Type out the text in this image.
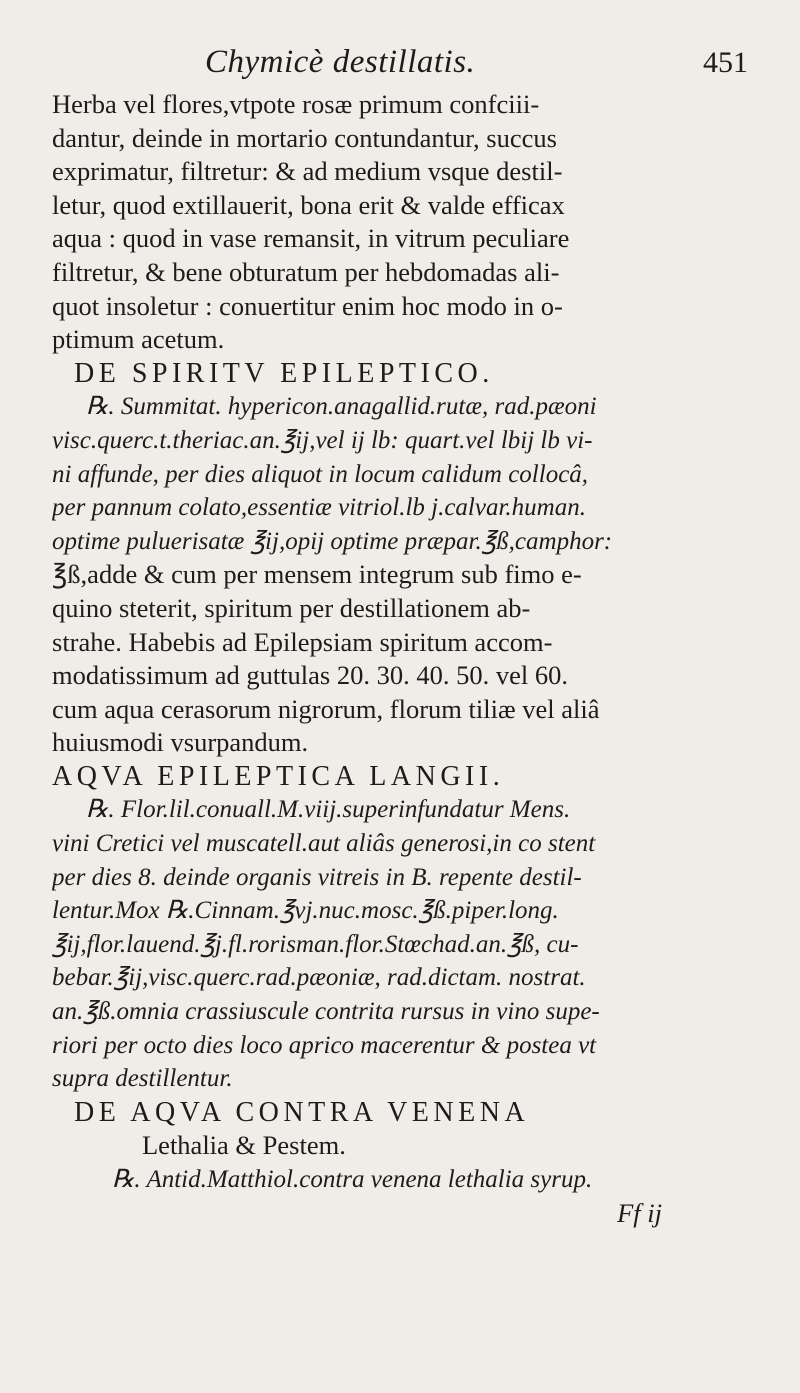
Chymicè destillatis.	451
Herba vel flores,vtpote rosæ primum confciii-
dantur, deinde in mortario contundantur, succus
exprimatur, filtretur: & ad medium vsque destil-
letur, quod extillauerit, bona erit & valde efficax
aqua : quod in vase remansit, in vitrum peculiare
filtretur, & bene obturatum per hebdomadas ali-
quot insoletur : conuertitur enim hoc modo in o-
ptimum acetum.
DE SPIRITV EPILEPTICO.
℞. Summitat. hypericon.anagallid.rutæ, rad.pæoni
visc.querc.t.theriac.an.℥ij,vel ij lb: quart.vel lbij lb vi-
ni affunde, per dies aliquot in locum calidum collocâ,
per pannum colato,essentiæ vitriol.lb j.calvar.human.
optime puluerisatæ ℥ij,opij optime præpar.℥ß,camphor:
℥ß,adde & cum per mensem integrum sub fimo e-
quino steterit, spiritum per destillationem ab-
strahe. Habebis ad Epilepsiam spiritum accom-
modatissimum ad guttulas 20. 30. 40. 50. vel 60.
cum aqua cerasorum nigrorum, florum tiliæ vel aliâ
huiusmodi vsurpandum.
AQVA EPILEPTICA LANGII.
℞. Flor.lil.conuall.M.viij.superinfundatur Mens.
vini Cretici vel muscatell.aut aliâs generosi,in co stent
per dies 8. deinde organis vitreis in B. repente destil-
lentur.Mox ℞.Cinnam.℥vj.nuc.mosc.℥ß.piper.long.
℥ij,flor.lauend.℥j.fl.rorisman.flor.Stœchad.an.℥ß, cu-
bebar.℥ij,visc.querc.rad.pæoniæ, rad.dictam. nostrat.
an.℥ß.omnia crassiuscule contrita rursus in vino supe-
riori per octo dies loco aprico macerentur & postea vt
supra destillentur.
DE AQVA CONTRA VENENA
Lethalia & Pestem.
℞. Antid.Matthiol.contra venena lethalia syrup.
Ff ij
